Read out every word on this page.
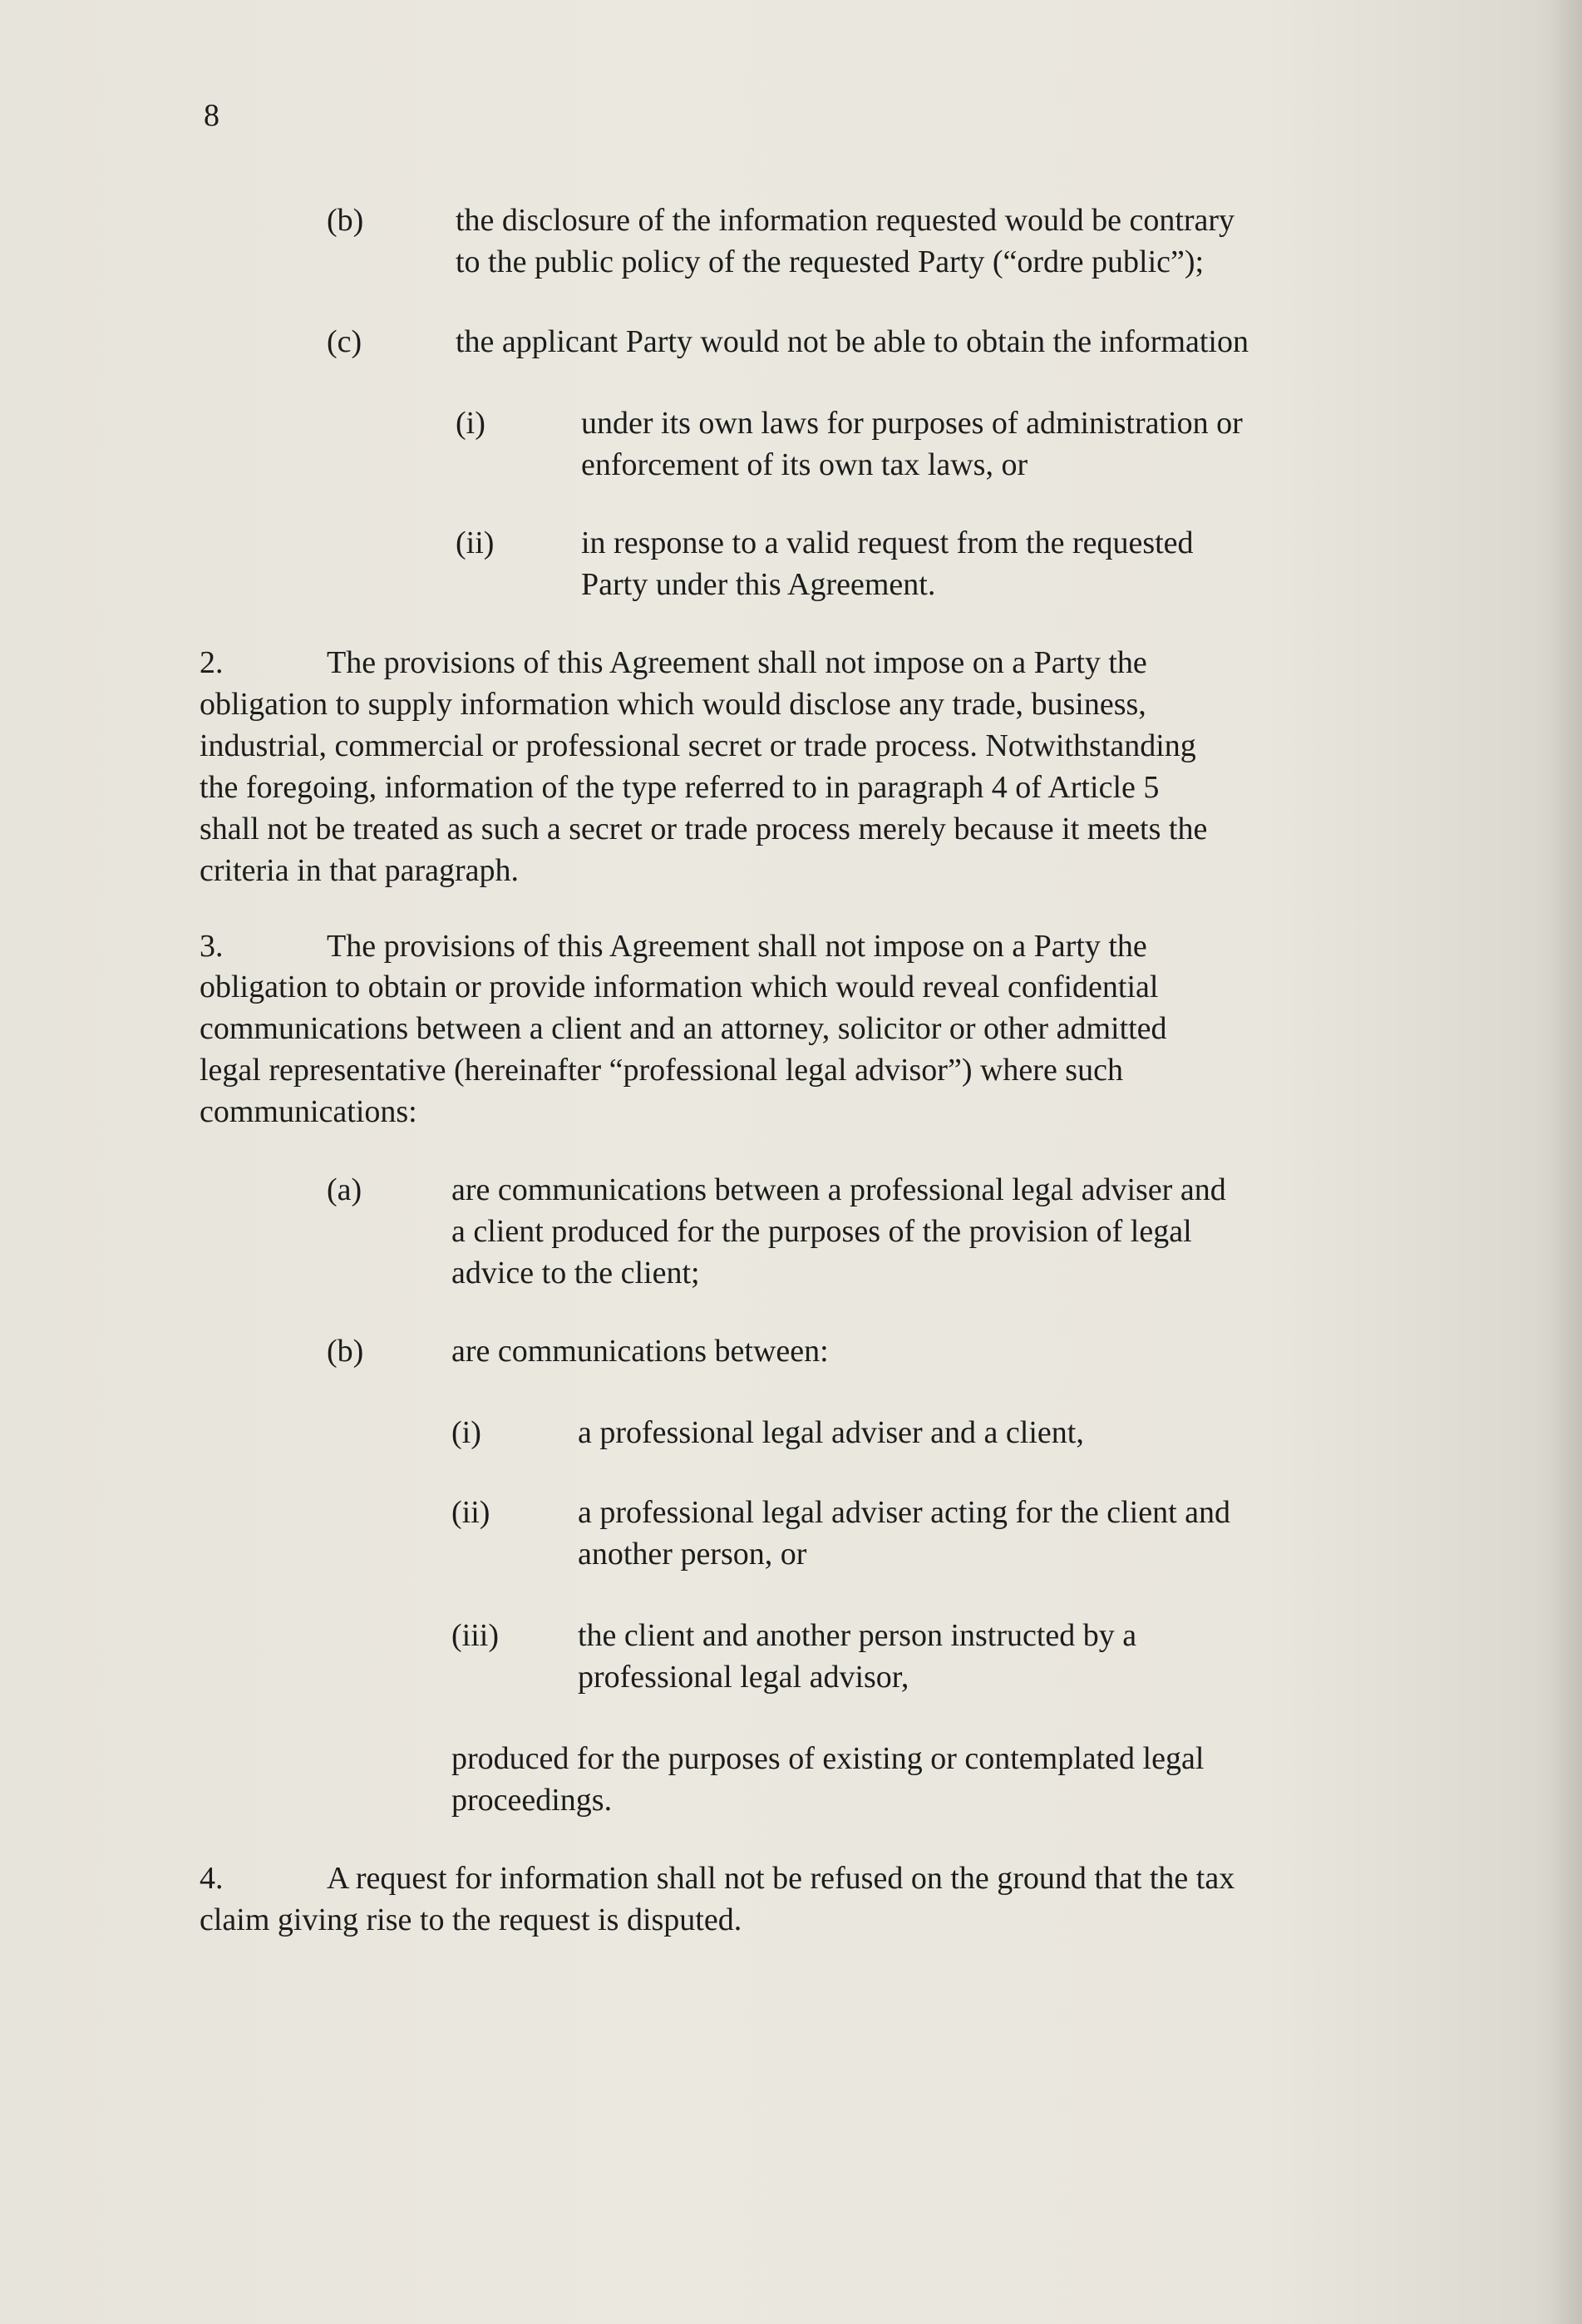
8
(b)	the disclosure of the information requested would be contrary
to the public policy of the requested Party (“ordre public”);
(c)	the applicant Party would not be able to obtain the information
(i)	under its own laws for purposes of administration or
enforcement of its own tax laws, or
(ii)	in response to a valid request from the requested
Party under this Agreement.
2.	The provisions of this Agreement shall not impose on a Party the
obligation to supply information which would disclose any trade, business,
industrial, commercial or professional secret or trade process. Notwithstanding
the foregoing, information of the type referred to in paragraph 4 of Article 5
shall not be treated as such a secret or trade process merely because it meets the
criteria in that paragraph.
3.	The provisions of this Agreement shall not impose on a Party the
obligation to obtain or provide information which would reveal confidential
communications between a client and an attorney, solicitor or other admitted
legal representative (hereinafter “professional legal advisor”) where such
communications:
(a)	are communications between a professional legal adviser and
a client produced for the purposes of the provision of legal
advice to the client;
(b)	are communications between:
(i)	a professional legal adviser and a client,
(ii)	a professional legal adviser acting for the client and
another person, or
(iii)	the client and another person instructed by a
professional legal advisor,
produced for the purposes of existing or contemplated legal
proceedings.
4.	A request for information shall not be refused on the ground that the tax
claim giving rise to the request is disputed.
